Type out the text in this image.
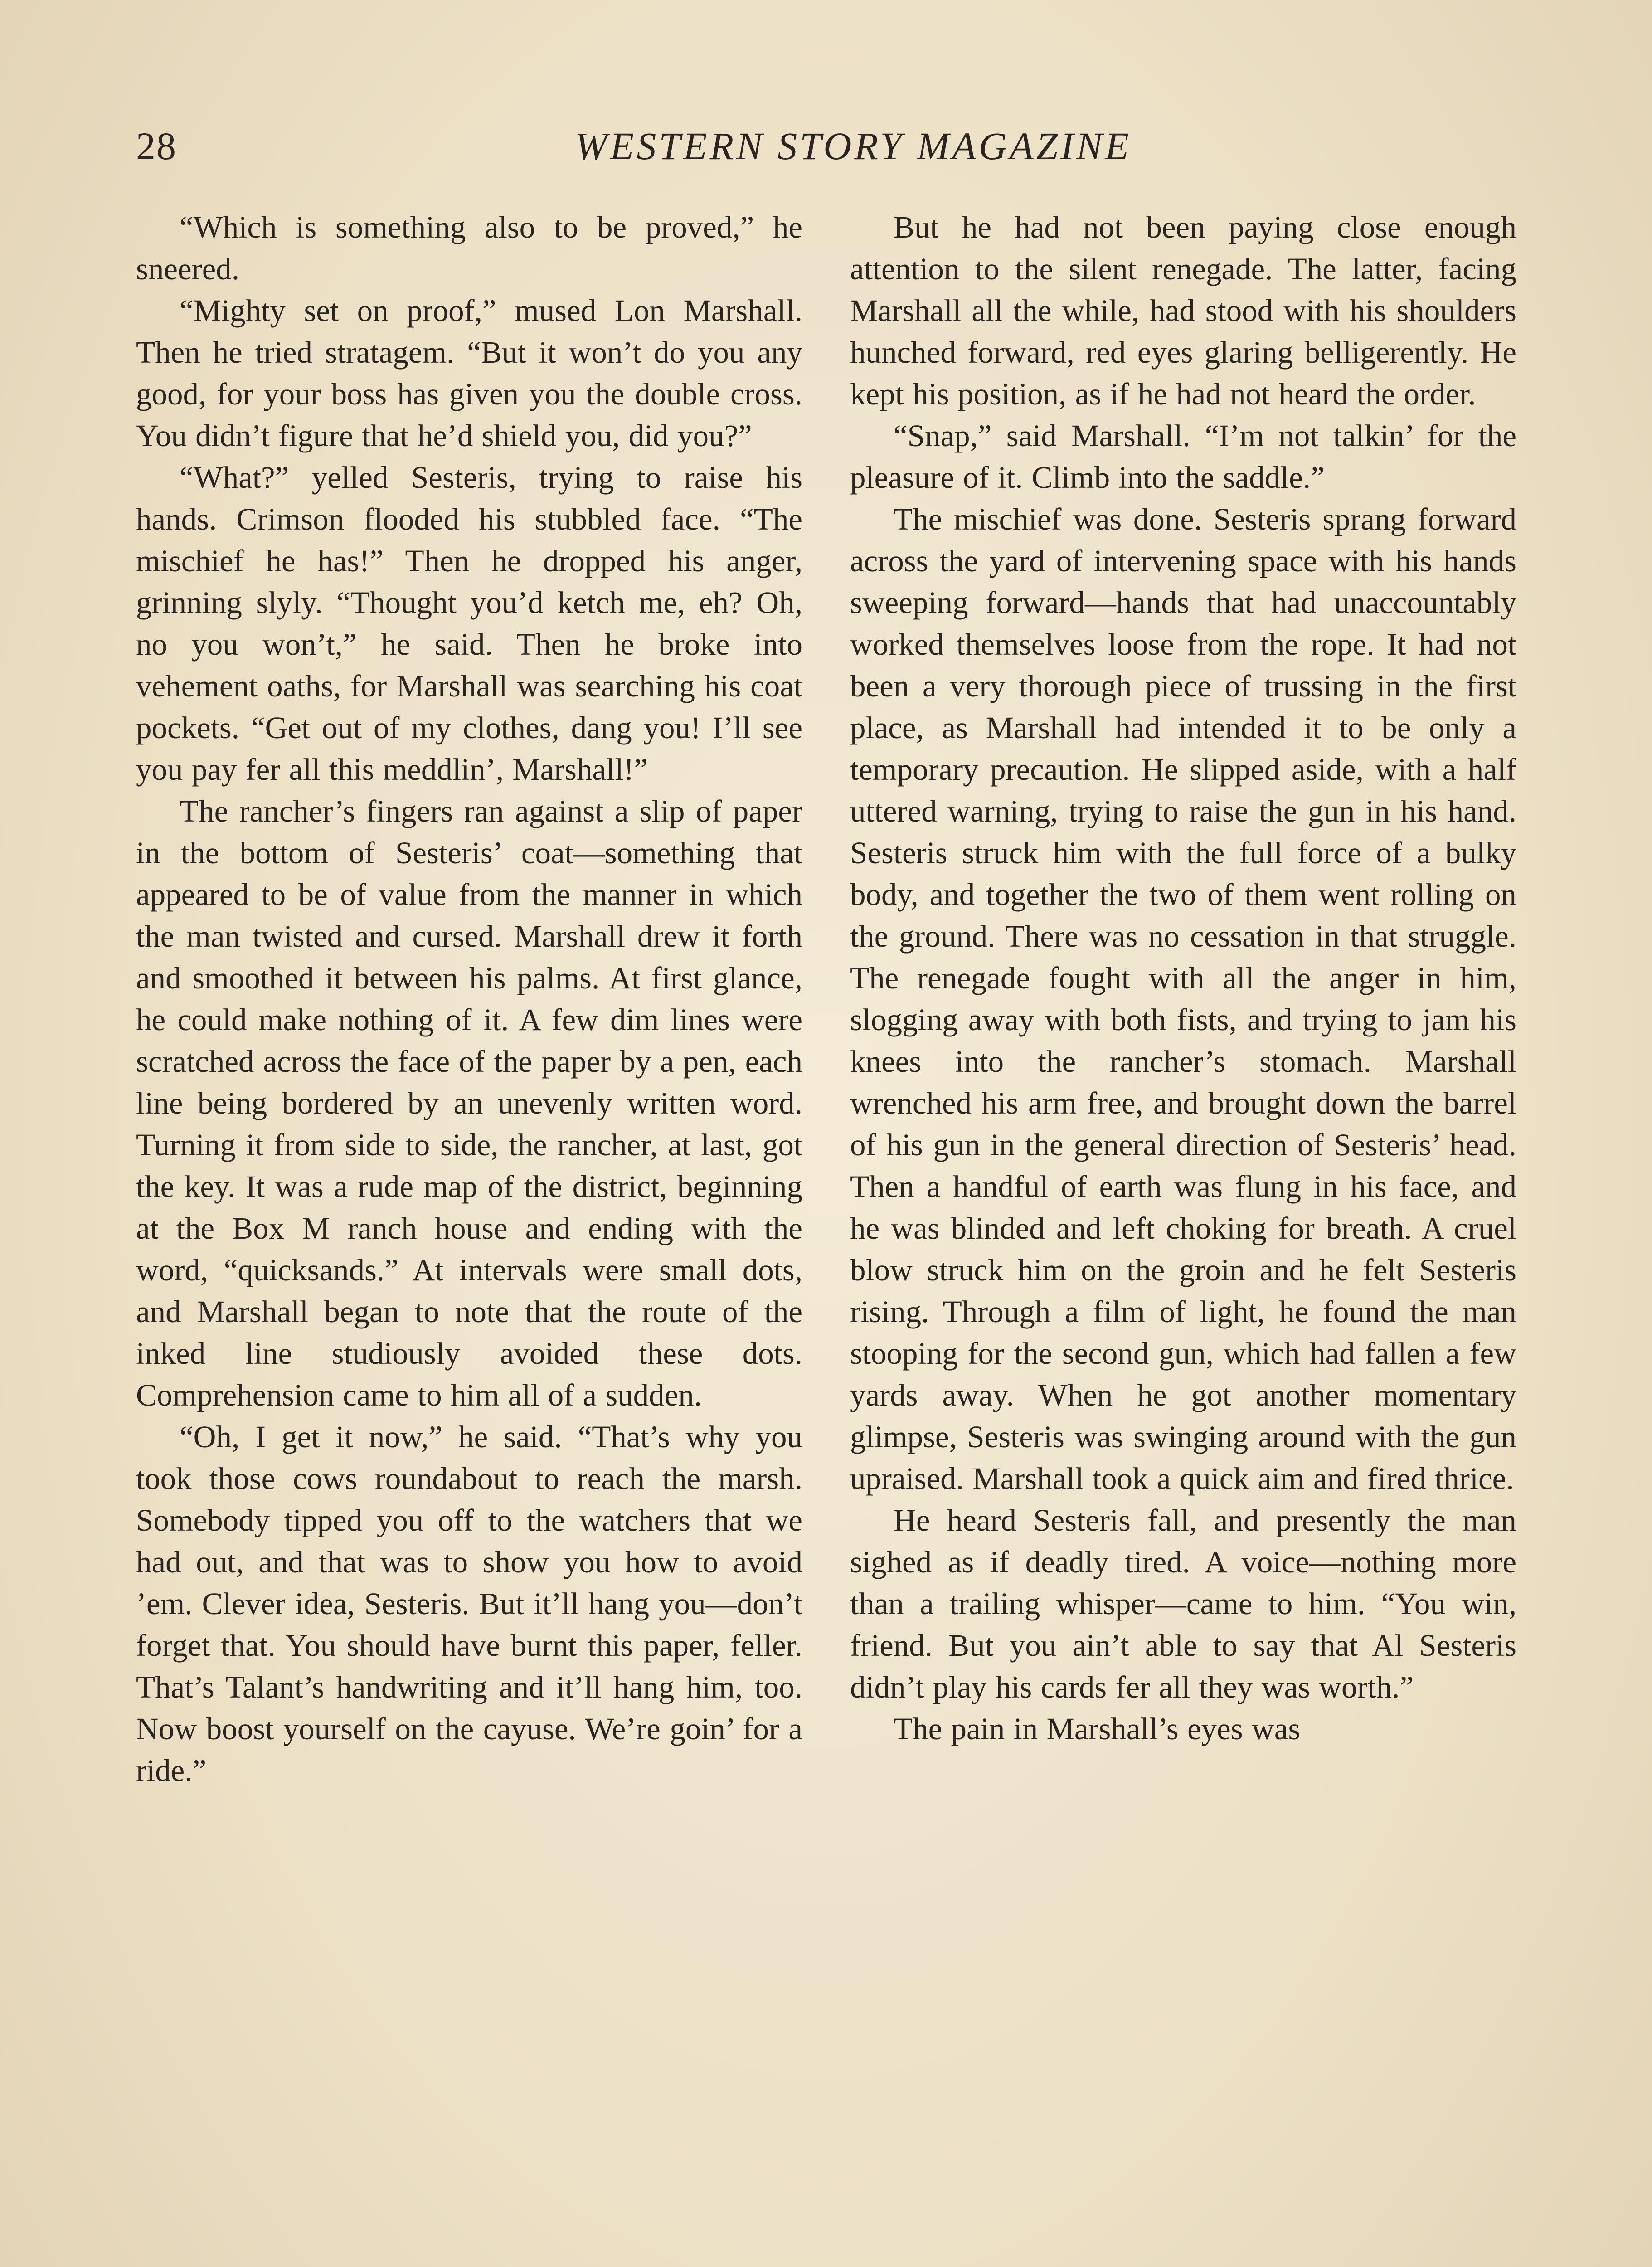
28	WESTERN STORY MAGAZINE

“Which is something also to be proved,” he sneered.

“Mighty set on proof,” mused Lon Marshall. Then he tried stratagem. “But it won’t do you any good, for your boss has given you the double cross. You didn’t figure that he’d shield you, did you?”

“What?” yelled Sesteris, trying to raise his hands. Crimson flooded his stubbled face. “The mischief he has!” Then he dropped his anger, grinning slyly. “Thought you’d ketch me, eh? Oh, no you won’t,” he said. Then he broke into vehement oaths, for Marshall was searching his coat pockets. “Get out of my clothes, dang you! I’ll see you pay fer all this meddlin’, Marshall!”

The rancher’s fingers ran against a slip of paper in the bottom of Sesteris’ coat—something that appeared to be of value from the manner in which the man twisted and cursed. Marshall drew it forth and smoothed it between his palms. At first glance, he could make nothing of it. A few dim lines were scratched across the face of the paper by a pen, each line being bordered by an unevenly written word. Turning it from side to side, the rancher, at last, got the key. It was a rude map of the district, beginning at the Box M ranch house and ending with the word, “quicksands.” At intervals were small dots, and Marshall began to note that the route of the inked line studiously avoided these dots. Comprehension came to him all of a sudden.

“Oh, I get it now,” he said. “That’s why you took those cows roundabout to reach the marsh. Somebody tipped you off to the watchers that we had out, and that was to show you how to avoid ’em. Clever idea, Sesteris. But it’ll hang you—don’t forget that. You should have burnt this paper, feller. That’s Talant’s handwriting and it’ll hang him, too. Now boost yourself on the cayuse. We’re goin’ for a ride.”

But he had not been paying close enough attention to the silent renegade. The latter, facing Marshall all the while, had stood with his shoulders hunched forward, red eyes glaring belligerently. He kept his position, as if he had not heard the order.

“Snap,” said Marshall. “I’m not talkin’ for the pleasure of it. Climb into the saddle.”

The mischief was done. Sesteris sprang forward across the yard of intervening space with his hands sweeping forward—hands that had unaccountably worked themselves loose from the rope. It had not been a very thorough piece of trussing in the first place, as Marshall had intended it to be only a temporary precaution. He slipped aside, with a half uttered warning, trying to raise the gun in his hand. Sesteris struck him with the full force of a bulky body, and together the two of them went rolling on the ground. There was no cessation in that struggle. The renegade fought with all the anger in him, slogging away with both fists, and trying to jam his knees into the rancher’s stomach. Marshall wrenched his arm free, and brought down the barrel of his gun in the general direction of Sesteris’ head. Then a handful of earth was flung in his face, and he was blinded and left choking for breath. A cruel blow struck him on the groin and he felt Sesteris rising. Through a film of light, he found the man stooping for the second gun, which had fallen a few yards away. When he got another momentary glimpse, Sesteris was swinging around with the gun upraised. Marshall took a quick aim and fired thrice.

He heard Sesteris fall, and presently the man sighed as if deadly tired. A voice—nothing more than a trailing whisper—came to him. “You win, friend. But you ain’t able to say that Al Sesteris didn’t play his cards fer all they was worth.”

The pain in Marshall’s eyes was
